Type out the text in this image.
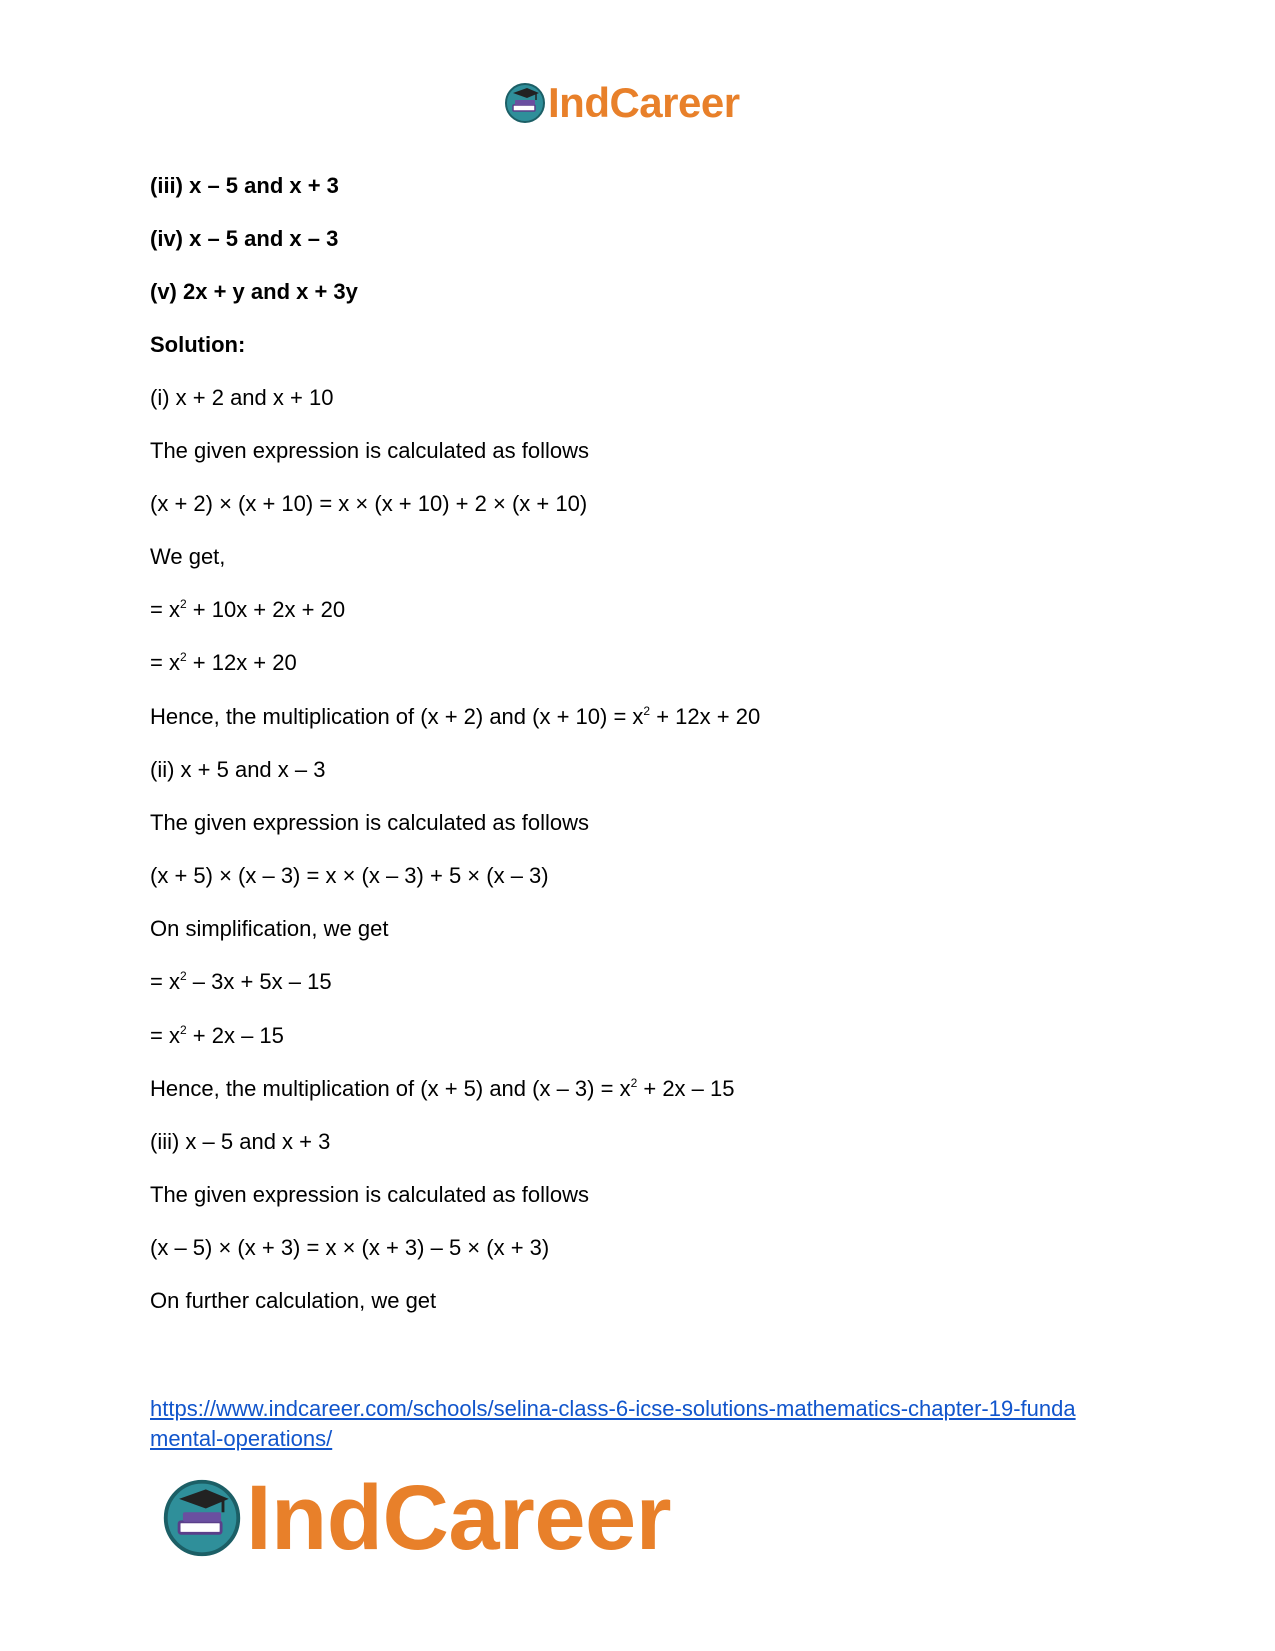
IndCareer

(iii) x – 5 and x + 3

(iv) x – 5 and x – 3

(v) 2x + y and x + 3y

Solution:

(i) x + 2 and x + 10

The given expression is calculated as follows

(x + 2) × (x + 10) = x × (x + 10) + 2 × (x + 10)

We get,

= $x^2 + 10x + 2x + 20$

= $x^2 + 12x + 20$

Hence, the multiplication of (x + 2) and $(x + 10) = x^2 + 12x + 20$

(ii) x + 5 and x – 3

The given expression is calculated as follows

(x + 5) × (x – 3) = x × (x – 3) + 5 × (x – 3)

On simplification, we get

= $x^2 - 3x + 5x - 15$

= $x^2 + 2x - 15$

Hence, the multiplication of (x + 5) and $(x - 3) = x^2 + 2x - 15$

(iii) x – 5 and x + 3

The given expression is calculated as follows

(x – 5) × (x + 3) = x × (x + 3) – 5 × (x + 3)

On further calculation, we get

https://www.indcareer.com/schools/selina-class-6-icse-solutions-mathematics-chapter-19-funda
mental-operations/
IndCareer
